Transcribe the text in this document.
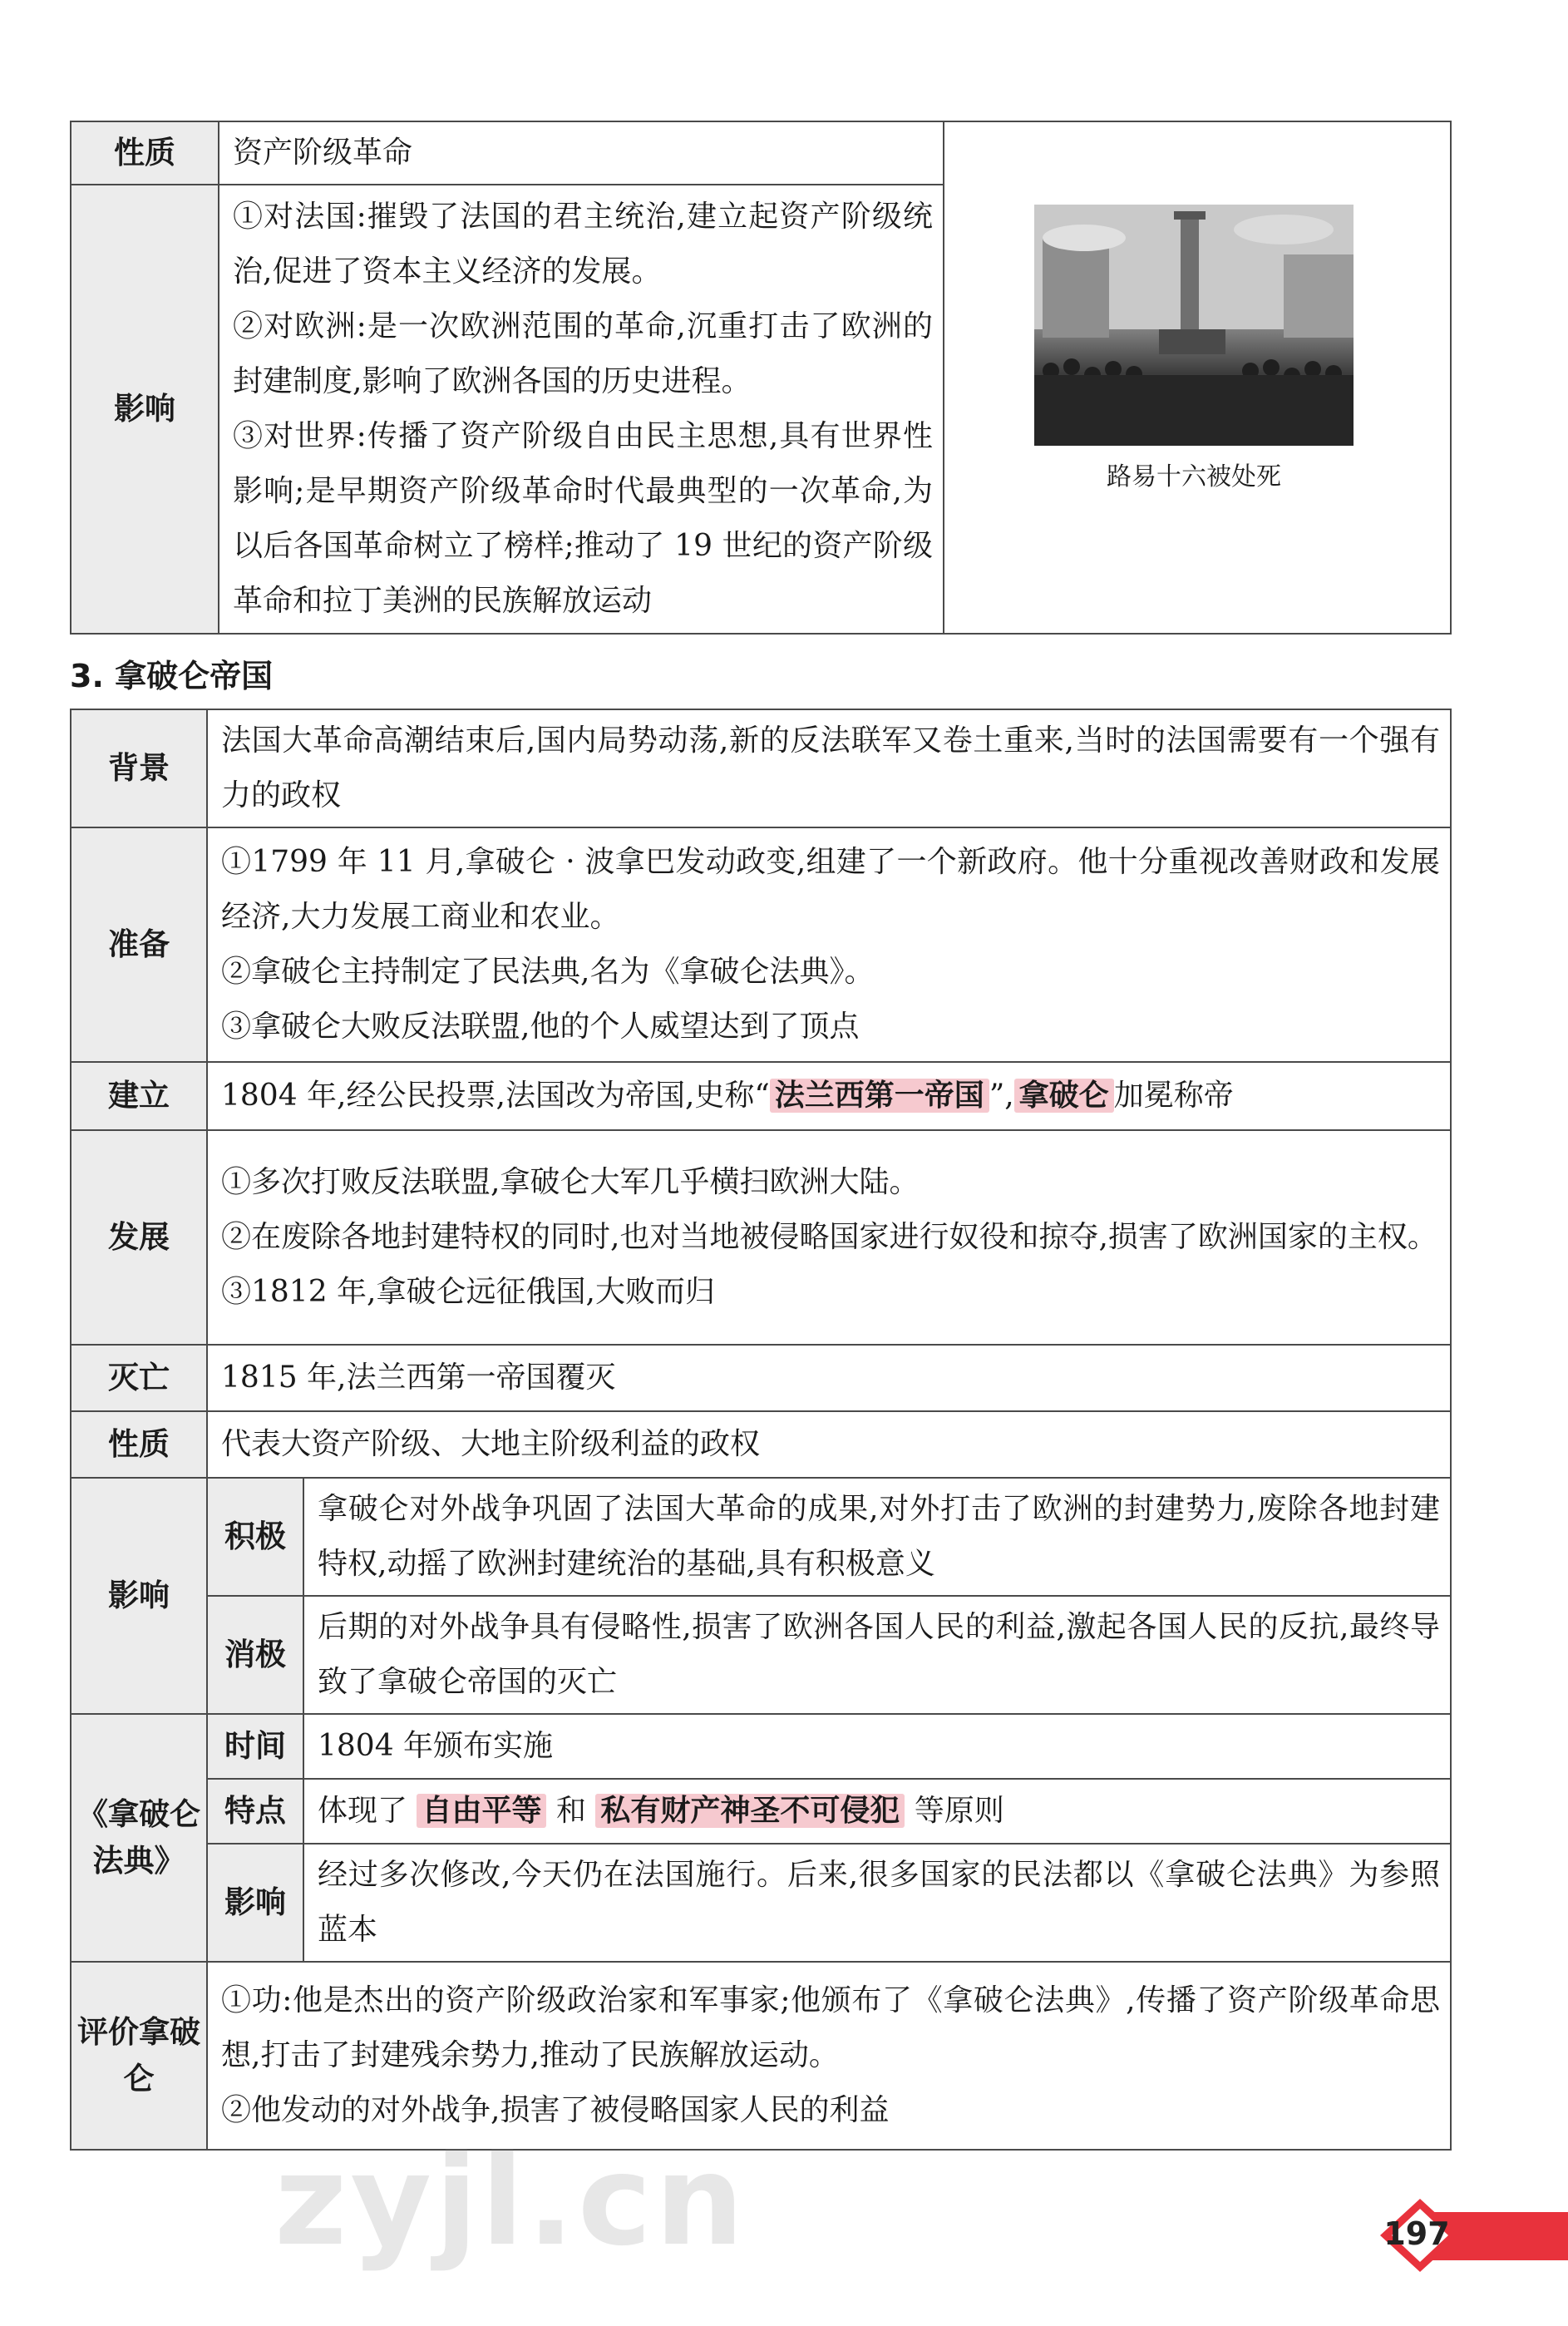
性质	资产阶级革命	
影响	①对法国:摧毁了法国的君主统治,建立起资产阶级统治,促进了资本主义经济的发展。

②对欧洲:是一次欧洲范围的革命,沉重打击了欧洲的封建制度,影响了欧洲各国的历史进程。

③对世界:传播了资产阶级自由民主思想,具有世界性影响;是早期资产阶级革命时代最典型的一次革命,为以后各国革命树立了榜样;推动了 19 世纪的资产阶级革命和拉丁美洲的民族解放运动	

路易十六被处死
3. 拿破仑帝国
背景	法国大革命高潮结束后,国内局势动荡,新的反法联军又卷土重来,当时的法国需要有一个强有力的政权	
准备	①1799 年 11 月,拿破仑 · 波拿巴发动政变,组建了一个新政府。他十分重视改善财政和发展经济,大力发展工商业和农业。

②拿破仑主持制定了民法典,名为《拿破仑法典》。

③拿破仑大败反法联盟,他的个人威望达到了顶点	

建立	1804 年,经公民投票,法国改为帝国,史称“ 法兰西第一帝国 ”, 拿破仑 加冕称帝	
发展	①多次打败反法联盟,拿破仑大军几乎横扫欧洲大陆。

②在废除各地封建特权的同时,也对当地被侵略国家进行奴役和掠夺,损害了欧洲国家的主权。

③1812 年,拿破仑远征俄国,大败而归	

灭亡	1815 年,法兰西第一帝国覆灭	
性质	代表大资产阶级、大地主阶级利益的政权	
影响	积极	拿破仑对外战争巩固了法国大革命的成果,对外打击了欧洲的封建势力,废除各地封建特权,动摇了欧洲封建统治的基础,具有积极意义
	消极	后期的对外战争具有侵略性,损害了欧洲各国人民的利益,激起各国人民的反抗,最终导致了拿破仑帝国的灭亡
《拿破仑法典》	时间	1804 年颁布实施
	特点	体现了 自由平等 和 私有财产神圣不可侵犯 等原则
	影响	经过多次修改,今天仍在法国施行。后来,很多国家的民法都以《拿破仑法典》为参照蓝本
评价拿破仑	①功:他是杰出的资产阶级政治家和军事家;他颁布了《拿破仑法典》,传播了资产阶级革命思想,打击了封建残余势力,推动了民族解放运动。

②他发动的对外战争,损害了被侵略国家人民的利益	

zyjl.cn	197
